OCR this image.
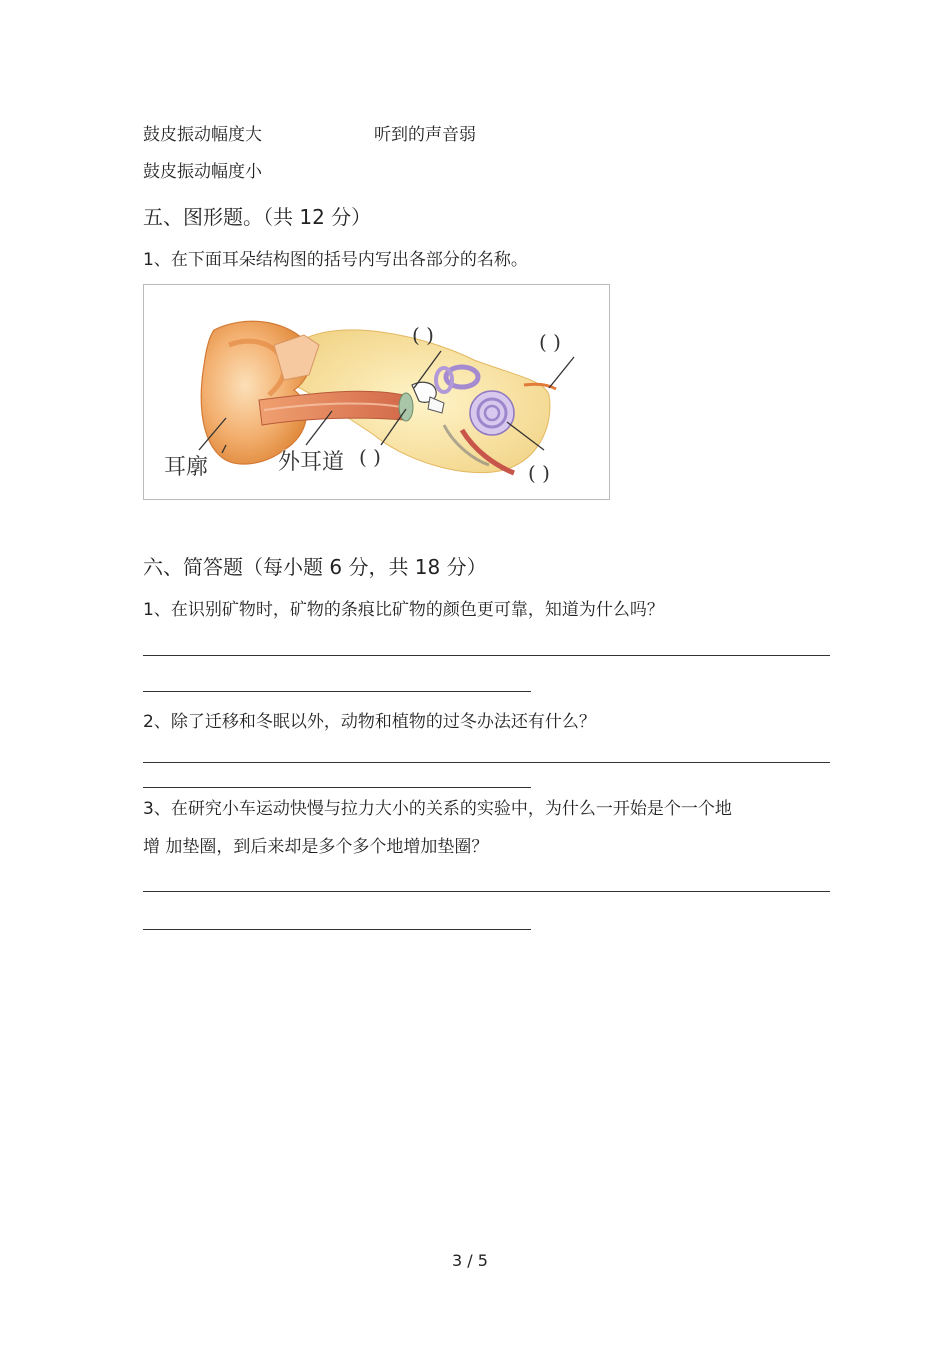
鼓皮振动幅度大	听到的声音弱
鼓皮振动幅度小
五、图形题。（共 12 分）
1、在下面耳朵结构图的括号内写出各部分的名称。
( )	( )
( )
( )
耳廓	外耳道
六、简答题（每小题 6 分，共 18 分）
1、在识别矿物时，矿物的条痕比矿物的颜色更可靠，知道为什么吗？
2、除了迁移和冬眠以外，动物和植物的过冬办法还有什么？
3、在研究小车运动快慢与拉力大小的关系的实验中，为什么一开始是个一个地
增 加垫圈，到后来却是多个多个地增加垫圈？
3 / 5
